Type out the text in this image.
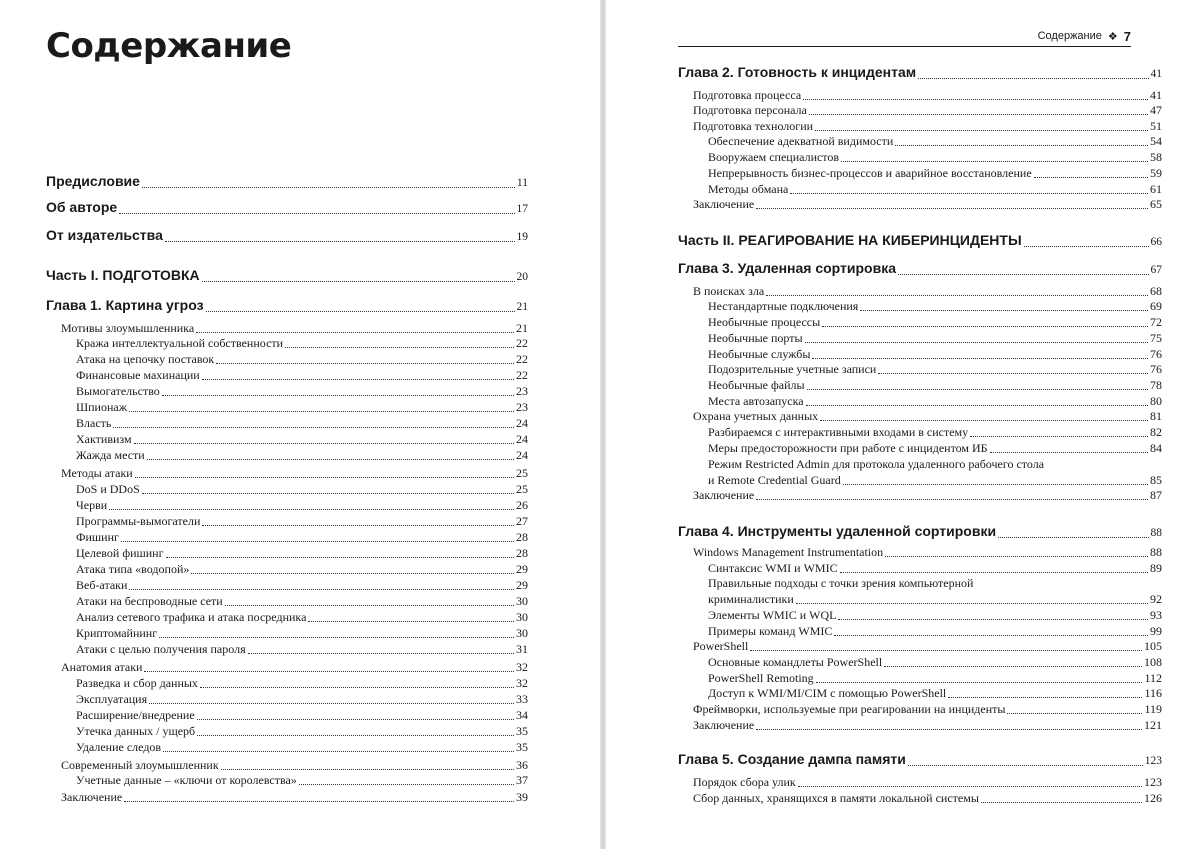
Содержание
Предисловие	11
Об авторе	17
От издательства	19
Часть I. ПОДГОТОВКА	20
Глава 1. Картина угроз	21
Мотивы злоумышленника	21
Кража интеллектуальной собственности	22
Атака на цепочку поставок	22
Финансовые махинации	22
Вымогательство	23
Шпионаж	23
Власть	24
Хактивизм	24
Жажда мести	24
Методы атаки	25
DoS и DDoS	25
Черви	26
Программы-вымогатели	27
Фишинг	28
Целевой фишинг	28
Атака типа «водопой»	29
Веб-атаки	29
Атаки на беспроводные сети	30
Анализ сетевого трафика и атака посредника	30
Криптомайнинг	30
Атаки с целью получения пароля	31
Анатомия атаки	32
Разведка и сбор данных	32
Эксплуатация	33
Расширение/внедрение	34
Утечка данных / ущерб	35
Удаление следов	35
Современный злоумышленник	36
Учетные данные – «ключи от королевства»	37
Заключение	39
Содержание ❖ 7
Глава 2. Готовность к инцидентам	41
Подготовка процесса	41
Подготовка персонала	47
Подготовка технологии	51
Обеспечение адекватной видимости	54
Вооружаем специалистов	58
Непрерывность бизнес-процессов и аварийное восстановление	59
Методы обмана	61
Заключение	65
Часть II. РЕАГИРОВАНИЕ НА КИБЕРИНЦИДЕНТЫ	66
Глава 3. Удаленная сортировка	67
В поисках зла	68
Нестандартные подключения	69
Необычные процессы	72
Необычные порты	75
Необычные службы	76
Подозрительные учетные записи	76
Необычные файлы	78
Места автозапуска	80
Охрана учетных данных	81
Разбираемся с интерактивными входами в систему	82
Меры предосторожности при работе с инцидентом ИБ	84
Режим Restricted Admin для протокола удаленного рабочего стола
и Remote Credential Guard	85
Заключение	87
Глава 4. Инструменты удаленной сортировки	88
Windows Management Instrumentation	88
Синтаксис WMI и WMIC	89
Правильные подходы с точки зрения компьютерной
криминалистики	92
Элементы WMIC и WQL	93
Примеры команд WMIC	99
PowerShell	105
Основные командлеты PowerShell	108
PowerShell Remoting	112
Доступ к WMI/MI/CIM с помощью PowerShell	116
Фреймворки, используемые при реагировании на инциденты	119
Заключение	121
Глава 5. Создание дампа памяти	123
Порядок сбора улик	123
Сбор данных, хранящихся в памяти локальной системы	126
